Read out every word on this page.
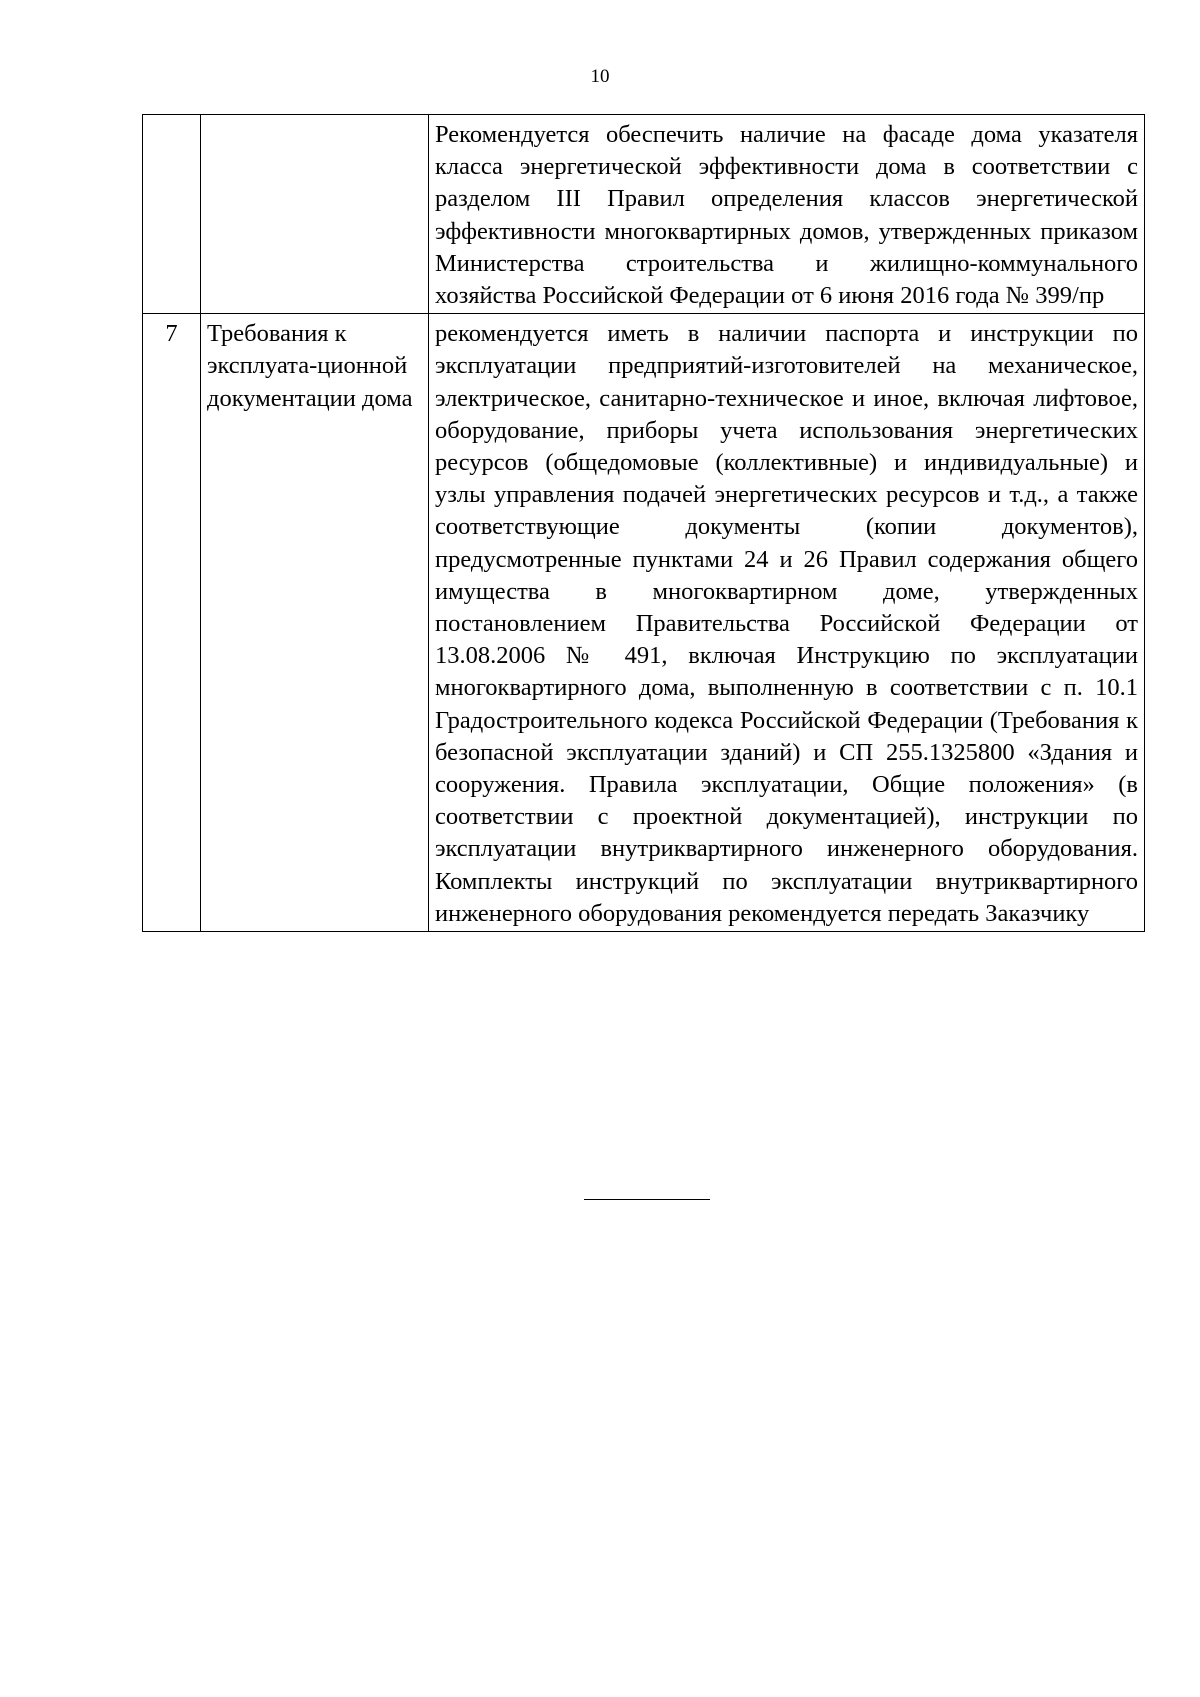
10
		Рекомендуется обеспечить наличие на фасаде дома указателя класса энергетической эффективности дома в соответствии с разделом III Правил определения классов энергетической эффективности многоквартирных домов, утвержденных приказом Министерства строительства и жилищно-коммунального хозяйства Российской Федерации от 6 июня 2016 года № 399/пр
7	Требования к эксплуата-ционной документации дома	рекомендуется иметь в наличии паспорта и инструкции по эксплуатации предприятий-изготовителей на механическое, электрическое, санитарно-техническое и иное, включая лифтовое, оборудование, приборы учета использования энергетических ресурсов (общедомовые (коллективные) и индивидуальные) и узлы управления подачей энергетических ресурсов и т.д., а также соответствующие документы (копии документов), предусмотренные пунктами 24 и 26 Правил содержания общего имущества в многоквартирном доме, утвержденных постановлением Правительства Российской Федерации от 13.08.2006 № 491, включая Инструкцию по эксплуатации многоквартирного дома, выполненную в соответствии с п. 10.1 Градостроительного кодекса Российской Федерации (Требования к безопасной эксплуатации зданий) и СП 255.1325800 «Здания и сооружения. Правила эксплуатации, Общие положения» (в соответствии с проектной документацией), инструкции по эксплуатации внутриквартирного инженерного оборудования. Комплекты инструкций по эксплуатации внутриквартирного инженерного оборудования рекомендуется передать Заказчику
